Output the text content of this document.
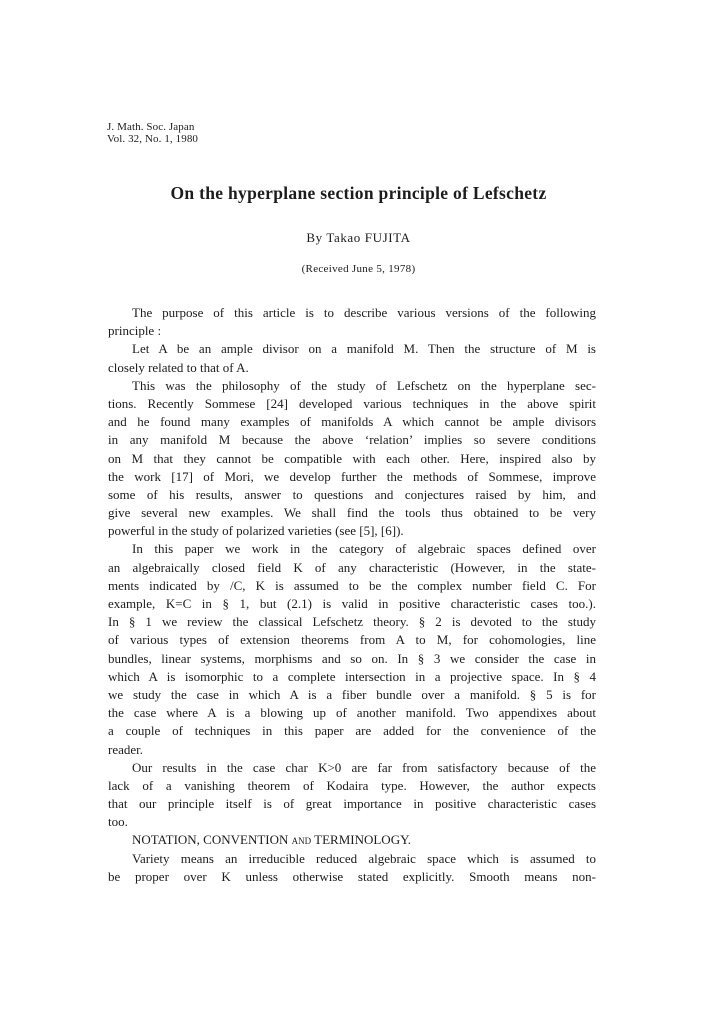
J. Math. Soc. Japan
Vol. 32, No. 1, 1980
On the hyperplane section principle of Lefschetz
By Takao FUJITA
(Received June 5, 1978)
The purpose of this article is to describe various versions of the following
principle :
Let A be an ample divisor on a manifold M. Then the structure of M is
closely related to that of A.
This was the philosophy of the study of Lefschetz on the hyperplane sec-
tions. Recently Sommese [24] developed various techniques in the above spirit
and he found many examples of manifolds A which cannot be ample divisors
in any manifold M because the above ‘relation’ implies so severe conditions
on M that they cannot be compatible with each other. Here, inspired also by
the work [17] of Mori, we develop further the methods of Sommese, improve
some of his results, answer to questions and conjectures raised by him, and
give several new examples. We shall find the tools thus obtained to be very
powerful in the study of polarized varieties (see [5], [6]).
In this paper we work in the category of algebraic spaces defined over
an algebraically closed field K of any characteristic (However, in the state-
ments indicated by /C, K is assumed to be the complex number field C. For
example, K=C in § 1, but (2.1) is valid in positive characteristic cases too.).
In § 1 we review the classical Lefschetz theory. § 2 is devoted to the study
of various types of extension theorems from A to M, for cohomologies, line
bundles, linear systems, morphisms and so on. In § 3 we consider the case in
which A is isomorphic to a complete intersection in a projective space. In § 4
we study the case in which A is a fiber bundle over a manifold. § 5 is for
the case where A is a blowing up of another manifold. Two appendixes about
a couple of techniques in this paper are added for the convenience of the
reader.
Our results in the case char K>0 are far from satisfactory because of the
lack of a vanishing theorem of Kodaira type. However, the author expects
that our principle itself is of great importance in positive characteristic cases
too.
NOTATION, CONVENTION and TERMINOLOGY.
Variety means an irreducible reduced algebraic space which is assumed to
be proper over K unless otherwise stated explicitly. Smooth means non-
